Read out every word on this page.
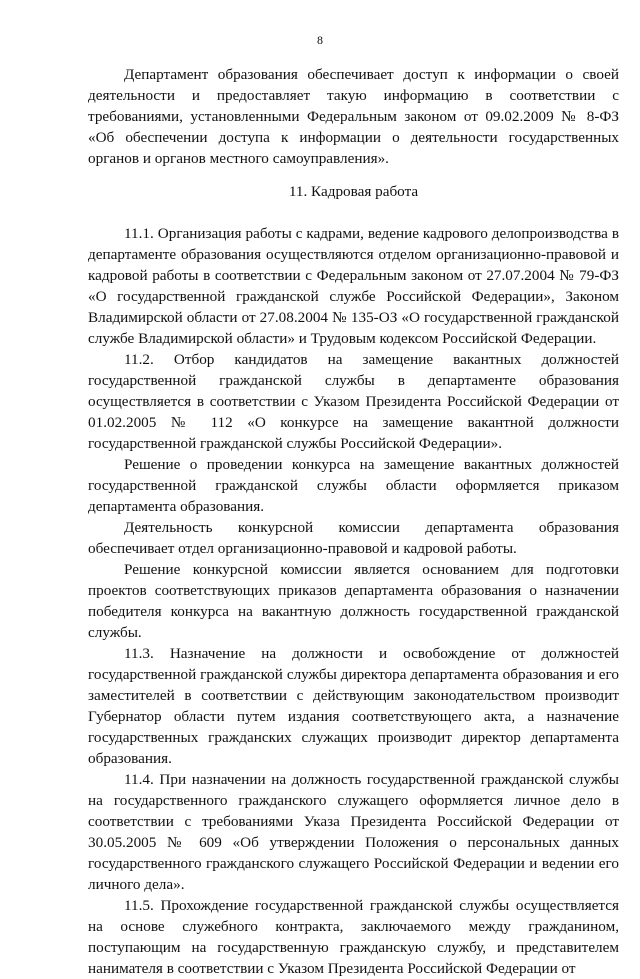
8

Департамент образования обеспечивает доступ к информации о своей деятельности и предоставляет такую информацию в соответствии с требованиями, установленными Федеральным законом от 09.02.2009 № 8-ФЗ «Об обеспечении доступа к информации о деятельности государственных органов и органов местного самоуправления».

11. Кадровая работа

11.1. Организация работы с кадрами, ведение кадрового делопроизводства в департаменте образования осуществляются отделом организационно-правовой и кадровой работы в соответствии с Федеральным законом от 27.07.2004 № 79-ФЗ «О государственной гражданской службе Российской Федерации», Законом Владимирской области от 27.08.2004 № 135-ОЗ «О государственной гражданской службе Владимирской области» и Трудовым кодексом Российской Федерации.

11.2. Отбор кандидатов на замещение вакантных должностей государственной гражданской службы в департаменте образования осуществляется в соответствии с Указом Президента Российской Федерации от 01.02.2005 № 112 «О конкурсе на замещение вакантной должности государственной гражданской службы Российской Федерации».

Решение о проведении конкурса на замещение вакантных должностей государственной гражданской службы области оформляется приказом департамента образования.

Деятельность конкурсной комиссии департамента образования обеспечивает отдел организационно-правовой и кадровой работы.

Решение конкурсной комиссии является основанием для подготовки проектов соответствующих приказов департамента образования о назначении победителя конкурса на вакантную должность государственной гражданской службы.

11.3. Назначение на должности и освобождение от должностей государственной гражданской службы директора департамента образования и его заместителей в соответствии с действующим законодательством производит Губернатор области путем издания соответствующего акта, а назначение государственных гражданских служащих производит директор департамента образования.

11.4. При назначении на должность государственной гражданской службы на государственного гражданского служащего оформляется личное дело в соответствии с требованиями Указа Президента Российской Федерации от 30.05.2005 № 609 «Об утверждении Положения о персональных данных государственного гражданского служащего Российской Федерации и ведении его личного дела».

11.5. Прохождение государственной гражданской службы осуществляется на основе служебного контракта, заключаемого между гражданином, поступающим на государственную гражданскую службу, и представителем нанимателя в соответствии с Указом Президента Российской Федерации от
